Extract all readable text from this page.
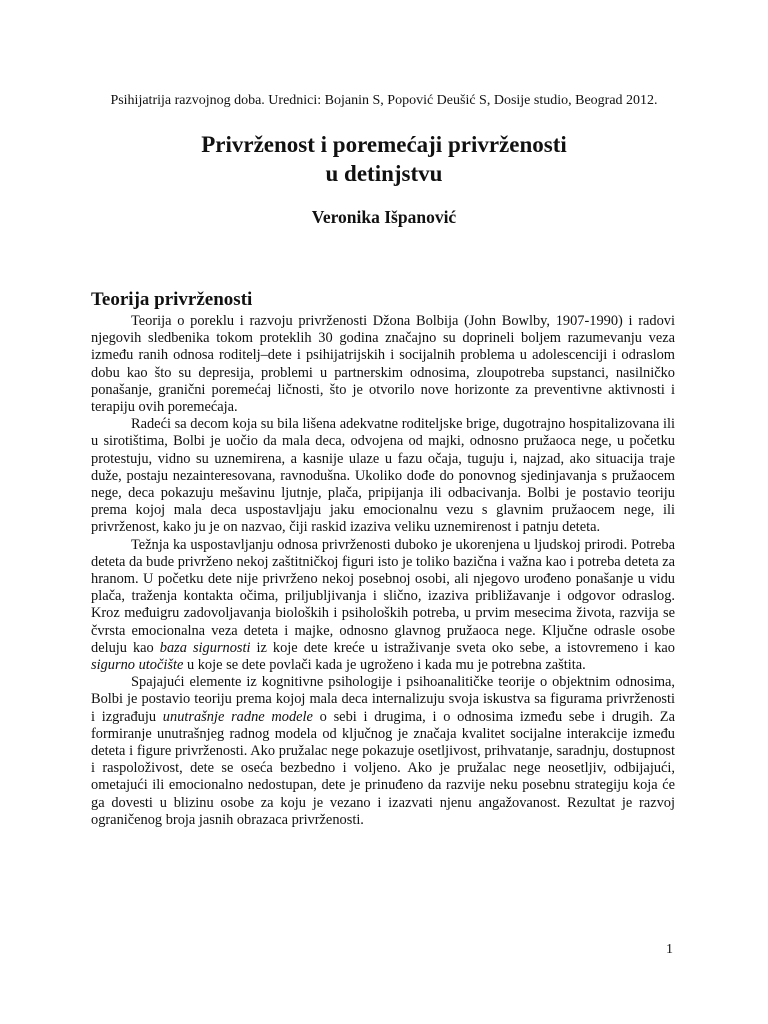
Psihijatrija razvojnog doba. Urednici: Bojanin S, Popović Deušić S, Dosije studio, Beograd 2012.
Privrženost i poremećaji privrženosti
u detinjstvu
Veronika Išpanović
Teorija privrženosti

Teorija o poreklu i razvoju privrženosti Džona Bolbija (John Bowlby, 1907-1990) i radovi njegovih sledbenika tokom proteklih 30 godina značajno su doprineli boljem razumevanju veza između ranih odnosa roditelj–dete i psihijatrijskih i socijalnih problema u adolescenciji i odraslom dobu kao što su depresija, problemi u partnerskim odnosima, zloupotreba supstanci, nasilničko ponašanje, granični poremećaj ličnosti, što je otvorilo nove horizonte za preventivne aktivnosti i terapiju ovih poremećaja.

Radeći sa decom koja su bila lišena adekvatne roditeljske brige, dugotrajno hospitalizovana ili u sirotištima, Bolbi je uočio da mala deca, odvojena od majki, odnosno pružaoca nege, u početku protestuju, vidno su uznemirena, a kasnije ulaze u fazu očaja, tuguju i, najzad, ako situacija traje duže, postaju nezainteresovana, ravnodušna. Ukoliko dođe do ponovnog sjedinjavanja s pružaocem nege, deca pokazuju mešavinu ljutnje, plača, pripijanja ili odbacivanja. Bolbi je postavio teoriju prema kojoj mala deca uspostavljaju jaku emocionalnu vezu s glavnim pružaocem nege, ili privrženost, kako ju je on nazvao, čiji raskid izaziva veliku uznemirenost i patnju deteta.

Težnja ka uspostavljanju odnosa privrženosti duboko je ukorenjena u ljudskoj prirodi. Potreba deteta da bude privrženo nekoj zaštitničkoj figuri isto je toliko bazična i važna kao i potreba deteta za hranom. U početku dete nije privrženo nekoj posebnoj osobi, ali njegovo urođeno ponašanje u vidu plača, traženja kontakta očima, priljubljivanja i slično, izaziva približavanje i odgovor odraslog. Kroz međuigru zadovoljavanja bioloških i psiholoških potreba, u prvim mesecima života, razvija se čvrsta emocionalna veza deteta i majke, odnosno glavnog pružaoca nege. Ključne odrasle osobe deluju kao baza sigurnosti iz koje dete kreće u istraživanje sveta oko sebe, a istovremeno i kao sigurno utočište u koje se dete povlači kada je ugroženo i kada mu je potrebna zaštita.

Spajajući elemente iz kognitivne psihologije i psihoanalitičke teorije o objektnim odnosima, Bolbi je postavio teoriju prema kojoj mala deca internalizuju svoja iskustva sa figurama privrženosti i izgrađuju unutrašnje radne modele o sebi i drugima, i o odnosima između sebe i drugih. Za formiranje unutrašnjeg radnog modela od ključnog je značaja kvalitet socijalne interakcije između deteta i figure privrženosti. Ako pružalac nege pokazuje osetljivost, prihvatanje, saradnju, dostupnost i raspoloživost, dete se oseća bezbedno i voljeno. Ako je pružalac nege neosetljiv, odbijajući, ometajući ili emocionalno nedostupan, dete je prinuđeno da razvije neku posebnu strategiju koja će ga dovesti u blizinu osobe za koju je vezano i izazvati njenu angažovanost. Rezultat je razvoj ograničenog broja jasnih obrazaca privrženosti.

1
